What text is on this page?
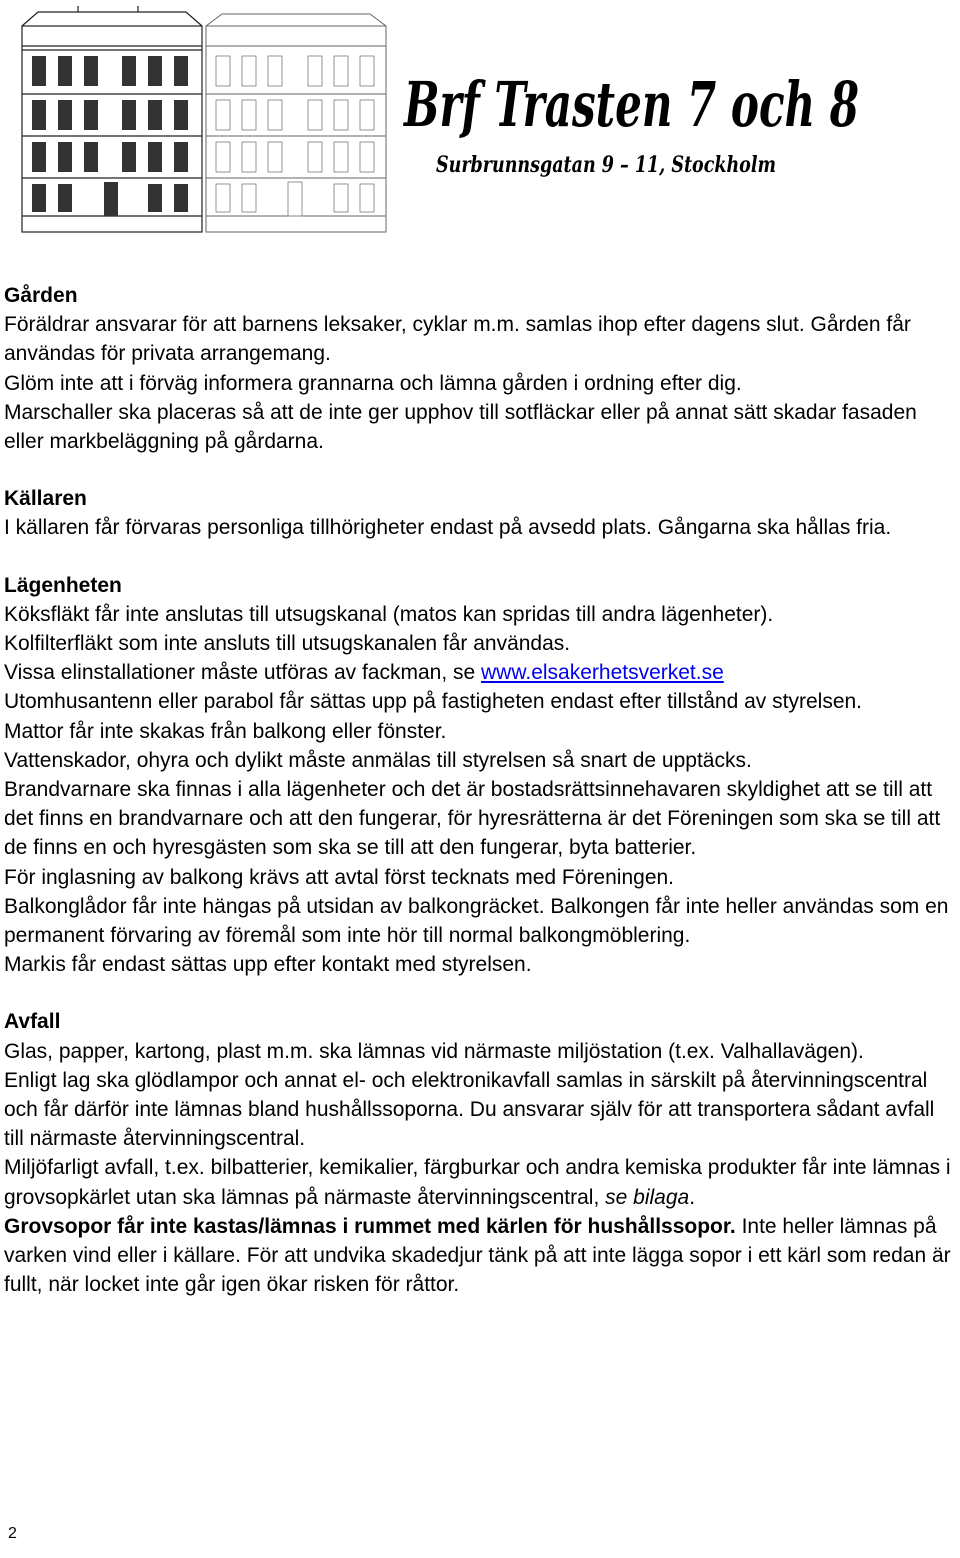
Brf Trasten 7 och 8
Surbrunnsgatan 9 – 11, Stockholm
Gården
Föräldrar ansvarar för att barnens leksaker, cyklar m.m. samlas ihop efter dagens slut. Gården får användas för privata arrangemang.
Glöm inte att i förväg informera grannarna och lämna gården i ordning efter dig.
Marschaller ska placeras så att de inte ger upphov till sotfläckar eller på annat sätt skadar fasaden eller markbeläggning på gårdarna.
Källaren
I källaren får förvaras personliga tillhörigheter endast på avsedd plats. Gångarna ska hållas fria.
Lägenheten
Köksfläkt får inte anslutas till utsugskanal (matos kan spridas till andra lägenheter).
Kolfilterfläkt som inte ansluts till utsugskanalen får användas.
Vissa elinstallationer måste utföras av fackman, se www.elsakerhetsverket.se
Utomhusantenn eller parabol får sättas upp på fastigheten endast efter tillstånd av styrelsen.
Mattor får inte skakas från balkong eller fönster.
Vattenskador, ohyra och dylikt måste anmälas till styrelsen så snart de upptäcks.
Brandvarnare ska finnas i alla lägenheter och det är bostadsrättsinnehavaren skyldighet att se till att det finns en brandvarnare och att den fungerar, för hyresrätterna är det Föreningen som ska se till att de finns en och hyresgästen som ska se till att den fungerar, byta batterier.
För inglasning av balkong krävs att avtal först tecknats med Föreningen.
Balkonglådor får inte hängas på utsidan av balkongräcket. Balkongen får inte heller användas som en permanent förvaring av föremål som inte hör till normal balkongmöblering.
Markis får endast sättas upp efter kontakt med styrelsen.
Avfall
Glas, papper, kartong, plast m.m. ska lämnas vid närmaste miljöstation (t.ex. Valhallavägen).
Enligt lag ska glödlampor och annat el- och elektronikavfall samlas in särskilt på återvinningscentral och får därför inte lämnas bland hushållssoporna. Du ansvarar själv för att transportera sådant avfall till närmaste återvinningscentral.
Miljöfarligt avfall, t.ex. bilbatterier, kemikalier, färgburkar och andra kemiska produkter får inte lämnas i grovsopkärlet utan ska lämnas på närmaste återvinningscentral, se bilaga.
Grovsopor får inte kastas/lämnas i rummet med kärlen för hushållssopor. Inte heller lämnas på varken vind eller i källare. För att undvika skadedjur tänk på att inte lägga sopor i ett kärl som redan är fullt, när locket inte går igen ökar risken för råttor.
2
